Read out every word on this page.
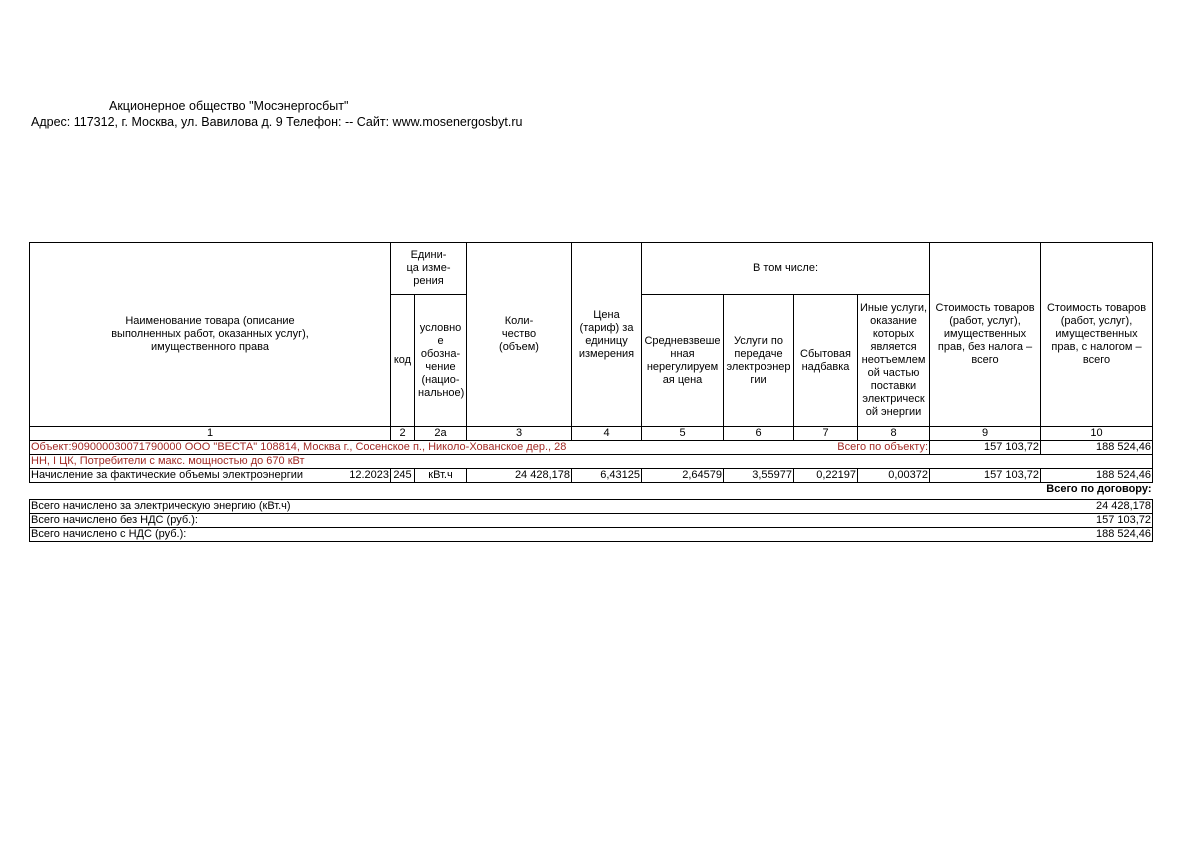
Акционерное общество "Мосэнергосбыт"
Адрес: 117312, г. Москва, ул. Вавилова д. 9 Телефон: -- Сайт: www.mosenergosbyt.ru
Наименование товара (описание выполненных работ, оказанных услуг), имущественного права	Едини- ца изме- рения		Коли- чество (объем)	Цена (тариф) за единицу измерения	В том числе:				Стоимость товаров (работ, услуг), имущественных прав, без налога – всего	Стоимость товаров (работ, услуг), имущественных прав, с налогом – всего
	код	условно е обозна- чение (нацио- нальное)			Средневзвеше нная нерегулируем ая цена	Услуги по передаче электроэнер гии	Сбытовая надбавка	Иные услуги, оказание которых является неотъемлем ой частью поставки электрическ ой энергии		
1	2	2а	3	4	5	6	7	8	9	10

Объект:909000030071790000 ООО "ВЕСТА" 108814, Москва г., Сосенское п., Николо-Хованское дер., 28 Всего по объекту:									157 103,72	188 524,46
НН, I ЦК, Потребители с макс. мощностью до 670 кВт										

Начисление за фактические объемы электроэнергии 12.2023	245	кВт.ч	24 428,178	6,43125	2,64579	3,55977	0,22197	0,00372	157 103,72	188 524,46
Всего по договору:										

Всего начислено за электрическую энергию (кВт.ч)										24 428,178
Всего начислено без НДС (руб.):										157 103,72
Всего начислено с НДС (руб.):										188 524,46
